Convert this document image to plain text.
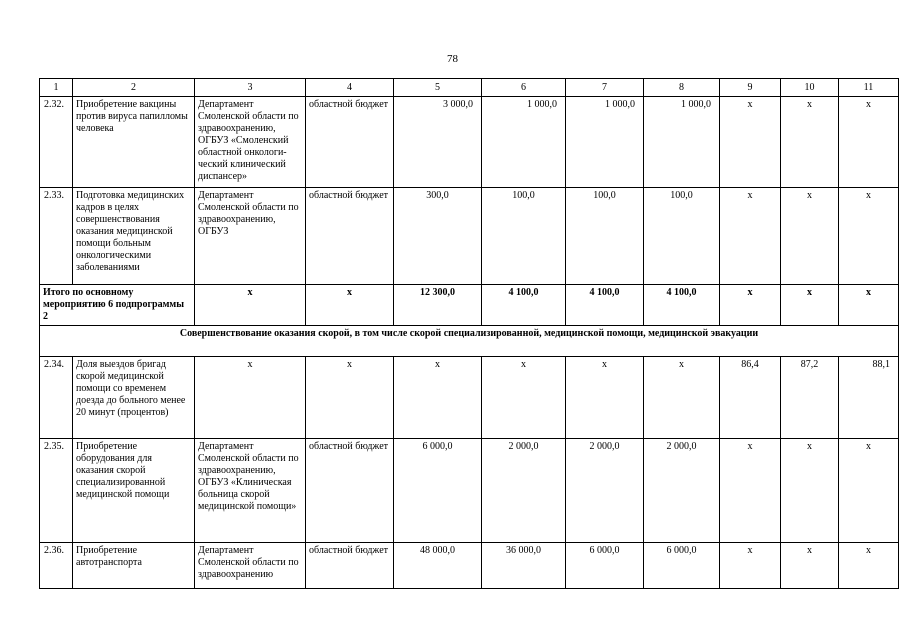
78
1	2	3	4	5	6	7	8	9	10	11
2.32.	Приобретение вакцины против вируса папилломы человека	Департамент Смоленской области по здравоохранению, ОГБУЗ «Смоленский областной онкологи-ческий клинический диспансер»	областной бюджет	3 000,0	1 000,0	1 000,0	1 000,0	x	x	x
2.33.	Подготовка медицинских кадров в целях совершенствования оказания медицинской помощи больным онкологическими заболеваниями	Департамент Смоленской области по здравоохранению, ОГБУЗ	областной бюджет	300,0	100,0	100,0	100,0	x	x	x
Итого по основному мероприятию 6 подпрограммы 2		x	x	12 300,0	4 100,0	4 100,0	4 100,0	x	x	x
Совершенствование оказания скорой, в том числе скорой специализированной, медицинской помощи, медицинской эвакуации										
2.34.	Доля выездов бригад скорой медицинской помощи со временем доезда до больного менее 20 минут (процентов)	x	x	x	x	x	x	86,4	87,2	88,1
2.35.	Приобретение оборудования для оказания скорой специализированной медицинской помощи	Департамент Смоленской области по здравоохранению, ОГБУЗ «Клиническая больница скорой медицинской помощи»	областной бюджет	6 000,0	2 000,0	2 000,0	2 000,0	x	x	x
2.36.	Приобретение автотранспорта	Департамент Смоленской области по здравоохранению	областной бюджет	48 000,0	36 000,0	6 000,0	6 000,0	x	x	x
